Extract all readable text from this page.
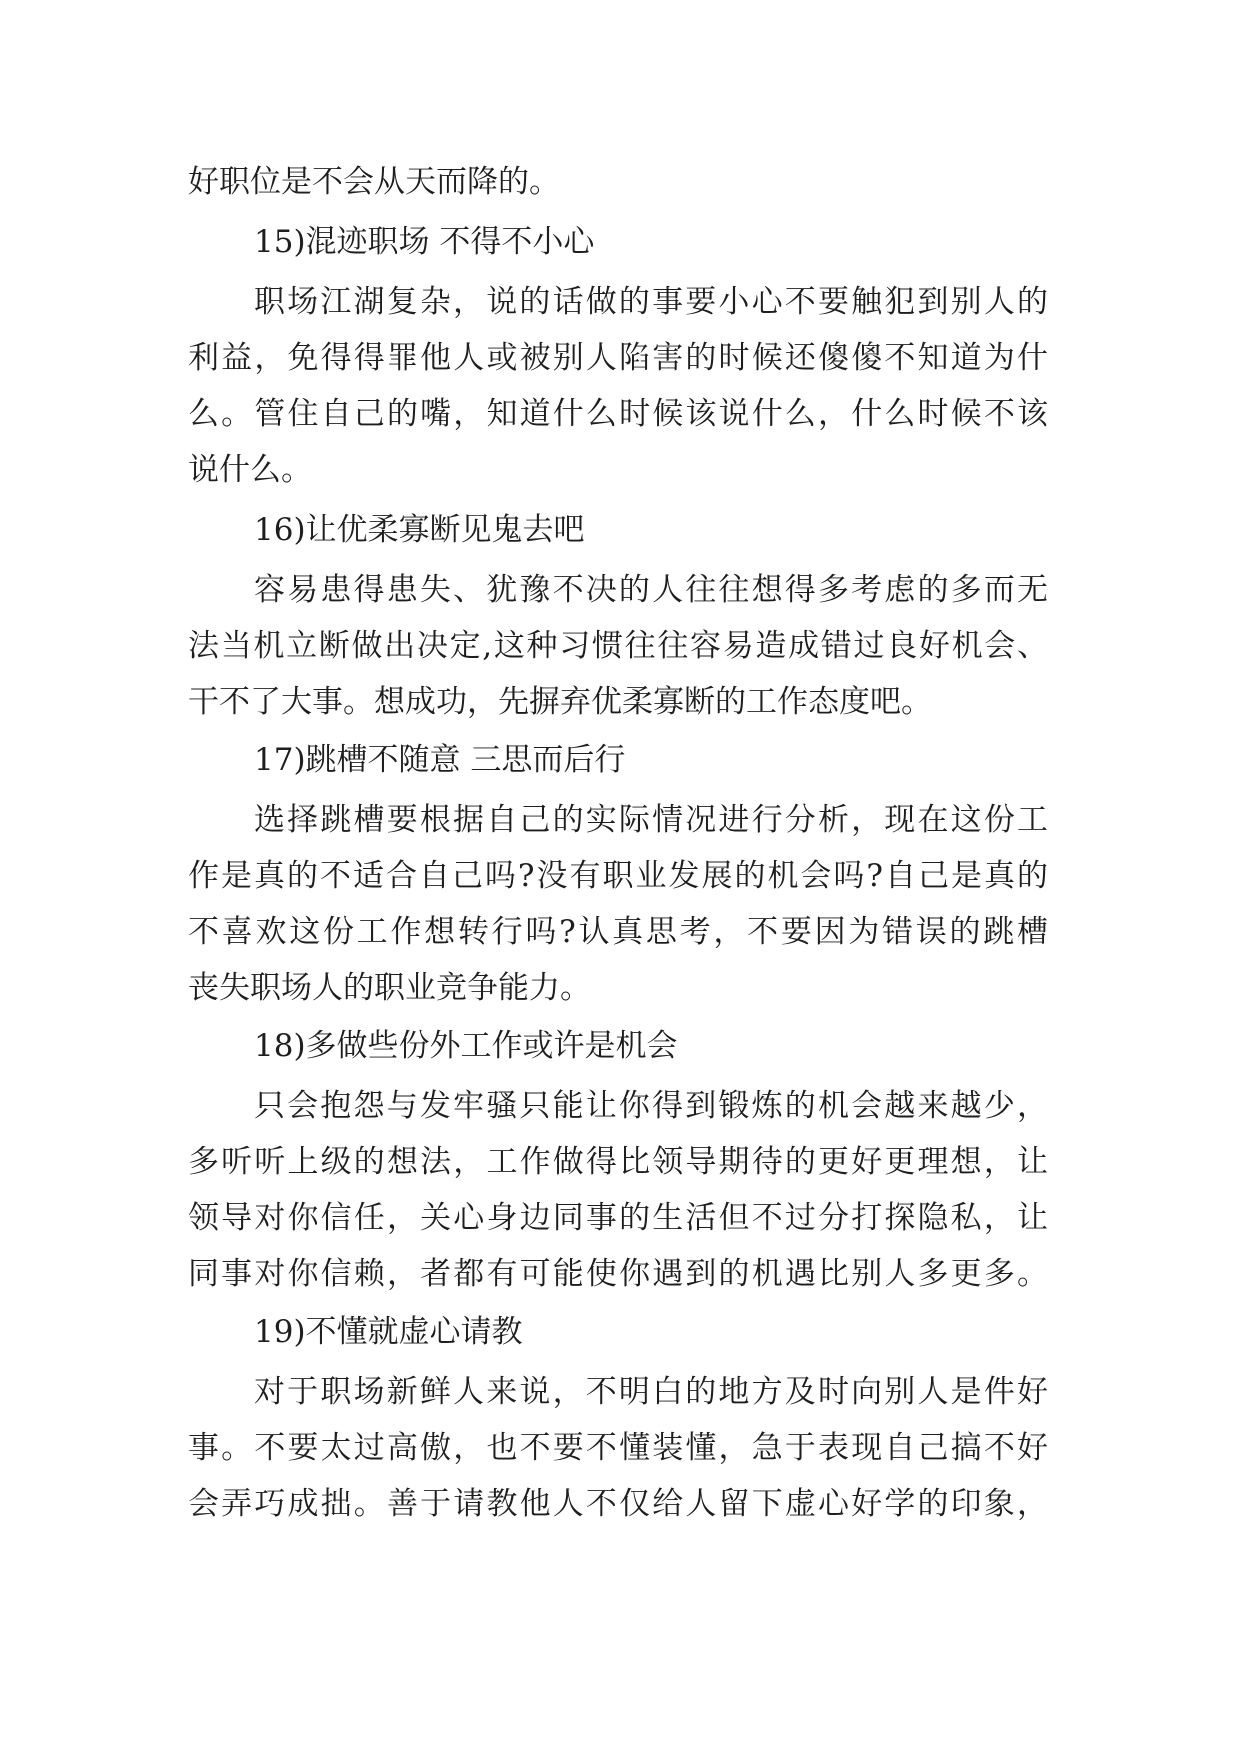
好职位是不会从天而降的。
15)混迹职场 不得不小心
职场江湖复杂，说的话做的事要小心不要触犯到别人的
利益，免得得罪他人或被别人陷害的时候还傻傻不知道为什
么。管住自己的嘴，知道什么时候该说什么，什么时候不该
说什么。
16)让优柔寡断见鬼去吧
容易患得患失、犹豫不决的人往往想得多考虑的多而无
法当机立断做出决定,这种习惯往往容易造成错过良好机会、
干不了大事。想成功，先摒弃优柔寡断的工作态度吧。
17)跳槽不随意 三思而后行
选择跳槽要根据自己的实际情况进行分析，现在这份工
作是真的不适合自己吗?没有职业发展的机会吗?自己是真的
不喜欢这份工作想转行吗?认真思考，不要因为错误的跳槽
丧失职场人的职业竞争能力。
18)多做些份外工作或许是机会
只会抱怨与发牢骚只能让你得到锻炼的机会越来越少，
多听听上级的想法，工作做得比领导期待的更好更理想，让
领导对你信任，关心身边同事的生活但不过分打探隐私，让
同事对你信赖，者都有可能使你遇到的机遇比别人多更多。
19)不懂就虚心请教
对于职场新鲜人来说，不明白的地方及时向别人是件好
事。不要太过高傲，也不要不懂装懂，急于表现自己搞不好
会弄巧成拙。善于请教他人不仅给人留下虚心好学的印象，
